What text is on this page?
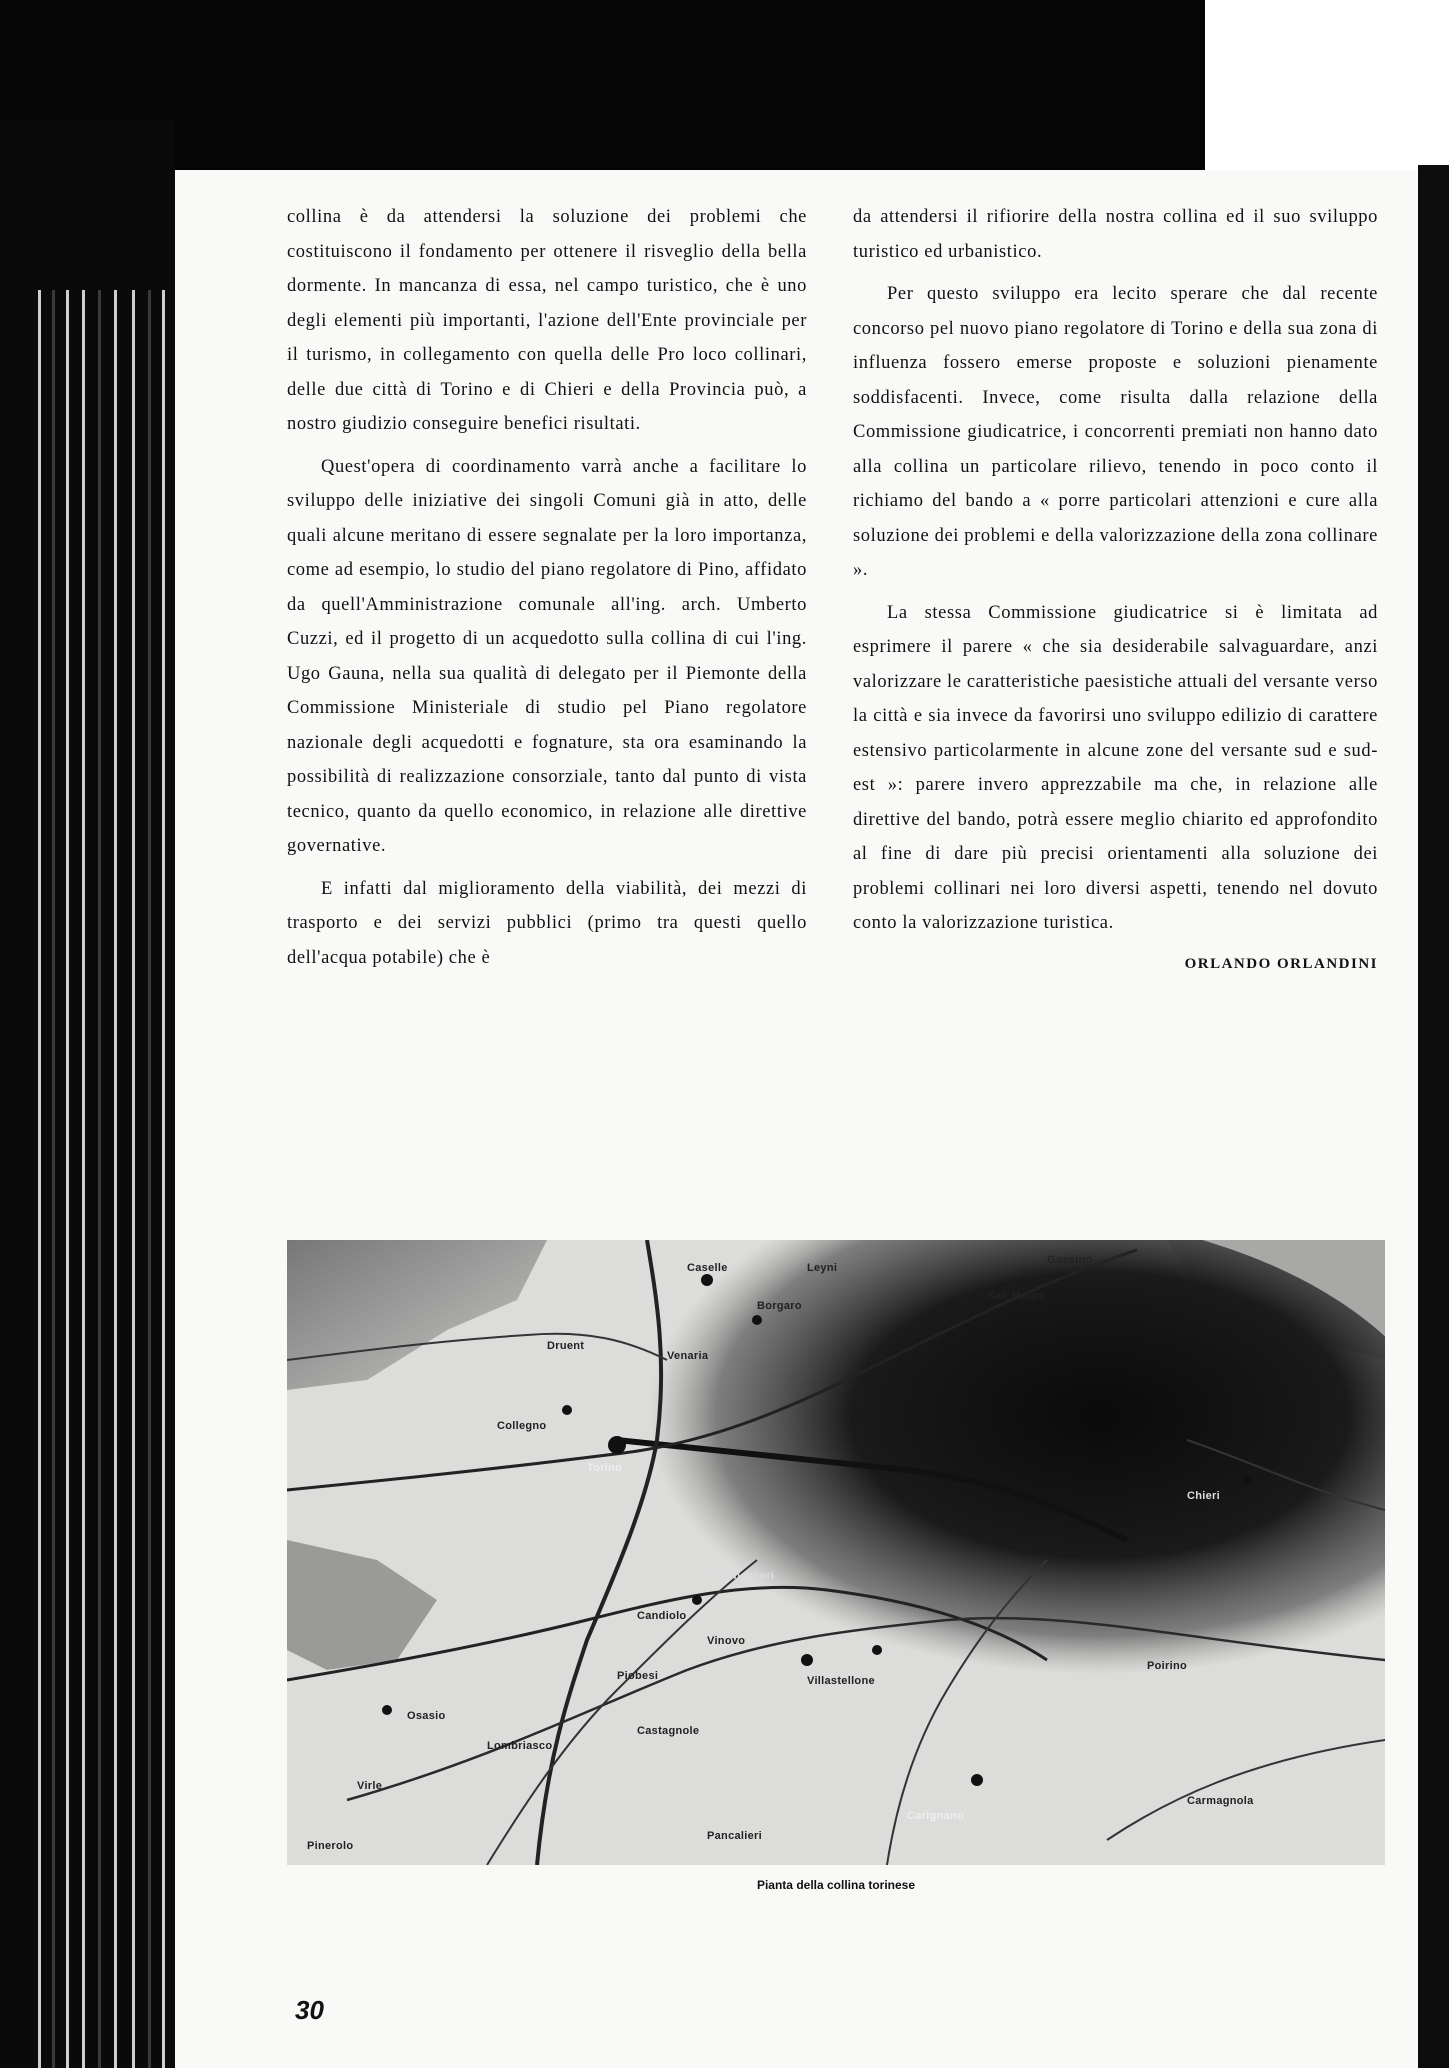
collina è da attendersi la soluzione dei problemi che costituiscono il fondamento per ottenere il risveglio della bella dormente. In mancanza di essa, nel campo turistico, che è uno degli elementi più importanti, l'azione dell'Ente provinciale per il turismo, in collegamento con quella delle Pro loco collinari, delle due città di Torino e di Chieri e della Provincia può, a nostro giudizio conseguire benefici risultati.

Quest'opera di coordinamento varrà anche a facilitare lo sviluppo delle iniziative dei singoli Comuni già in atto, delle quali alcune meritano di essere segnalate per la loro importanza, come ad esempio, lo studio del piano regolatore di Pino, affidato da quell'Amministrazione comunale all'ing. arch. Umberto Cuzzi, ed il progetto di un acquedotto sulla collina di cui l'ing. Ugo Gauna, nella sua qualità di delegato per il Piemonte della Commissione Ministeriale di studio pel Piano regolatore nazionale degli acquedotti e fognature, sta ora esaminando la possibilità di realizzazione consorziale, tanto dal punto di vista tecnico, quanto da quello economico, in relazione alle direttive governative.

E infatti dal miglioramento della viabilità, dei mezzi di trasporto e dei servizi pubblici (primo tra questi quello dell'acqua potabile) che è

da attendersi il rifiorire della nostra collina ed il suo sviluppo turistico ed urbanistico.

Per questo sviluppo era lecito sperare che dal recente concorso pel nuovo piano regolatore di Torino e della sua zona di influenza fossero emerse proposte e soluzioni pienamente soddisfacenti. Invece, come risulta dalla relazione della Commissione giudicatrice, i concorrenti premiati non hanno dato alla collina un particolare rilievo, tenendo in poco conto il richiamo del bando a « porre particolari attenzioni e cure alla soluzione dei problemi e della valorizzazione della zona collinare ».

La stessa Commissione giudicatrice si è limitata ad esprimere il parere « che sia desiderabile salvaguardare, anzi valorizzare le caratteristiche paesistiche attuali del versante verso la città e sia invece da favorirsi uno sviluppo edilizio di carattere estensivo particolarmente in alcune zone del versante sud e sud-est »: parere invero apprezzabile ma che, in relazione alle direttive del bando, potrà essere meglio chiarito ed approfondito al fine di dare più precisi orientamenti alla soluzione dei problemi collinari nei loro diversi aspetti, tenendo nel dovuto conto la valorizzazione turistica.

ORLANDO ORLANDINI
Caselle
Borgaro
Leyni
Druent
Venaria
Collegno
Torino
Moncalieri
Candiolo
Vinovo
Villastellone
Carignano
Piobesi
Castagnole
Pancalieri
Poirino
Chieri
Gassino
San Mauro
Carmagnola
Osasio
Lombriasco
Virle
Pinerolo
Pianta della collina torinese
30
